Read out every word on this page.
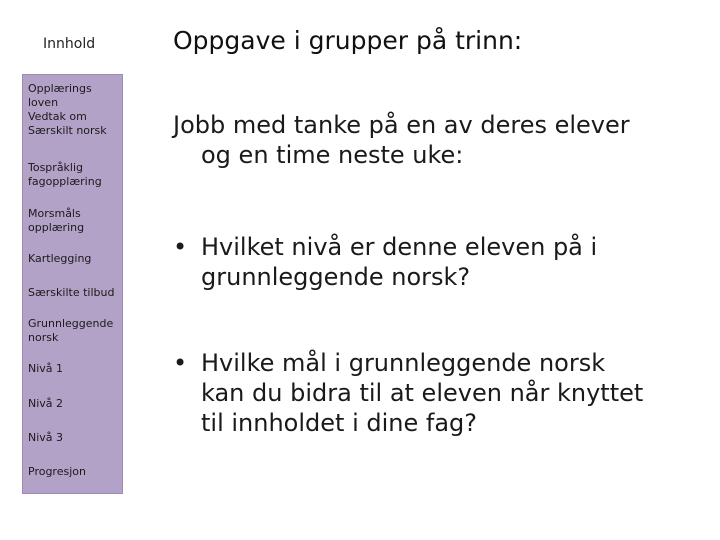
Innhold
Opplærings
loven
Vedtak om
Særskilt norsk
Tospråklig
fagopplæring
Morsmåls
opplæring
Kartlegging
Særskilte tilbud
Grunnleggende
norsk
Nivå 1
Nivå 2
Nivå 3
Progresjon
Oppgave i grupper på trinn:
Jobb med tanke på en av deres elever
og en time neste uke:
• Hvilket nivå er denne eleven på i
grunnleggende norsk?
• Hvilke mål i grunnleggende norsk
kan du bidra til at eleven når knyttet
til innholdet i dine fag?
